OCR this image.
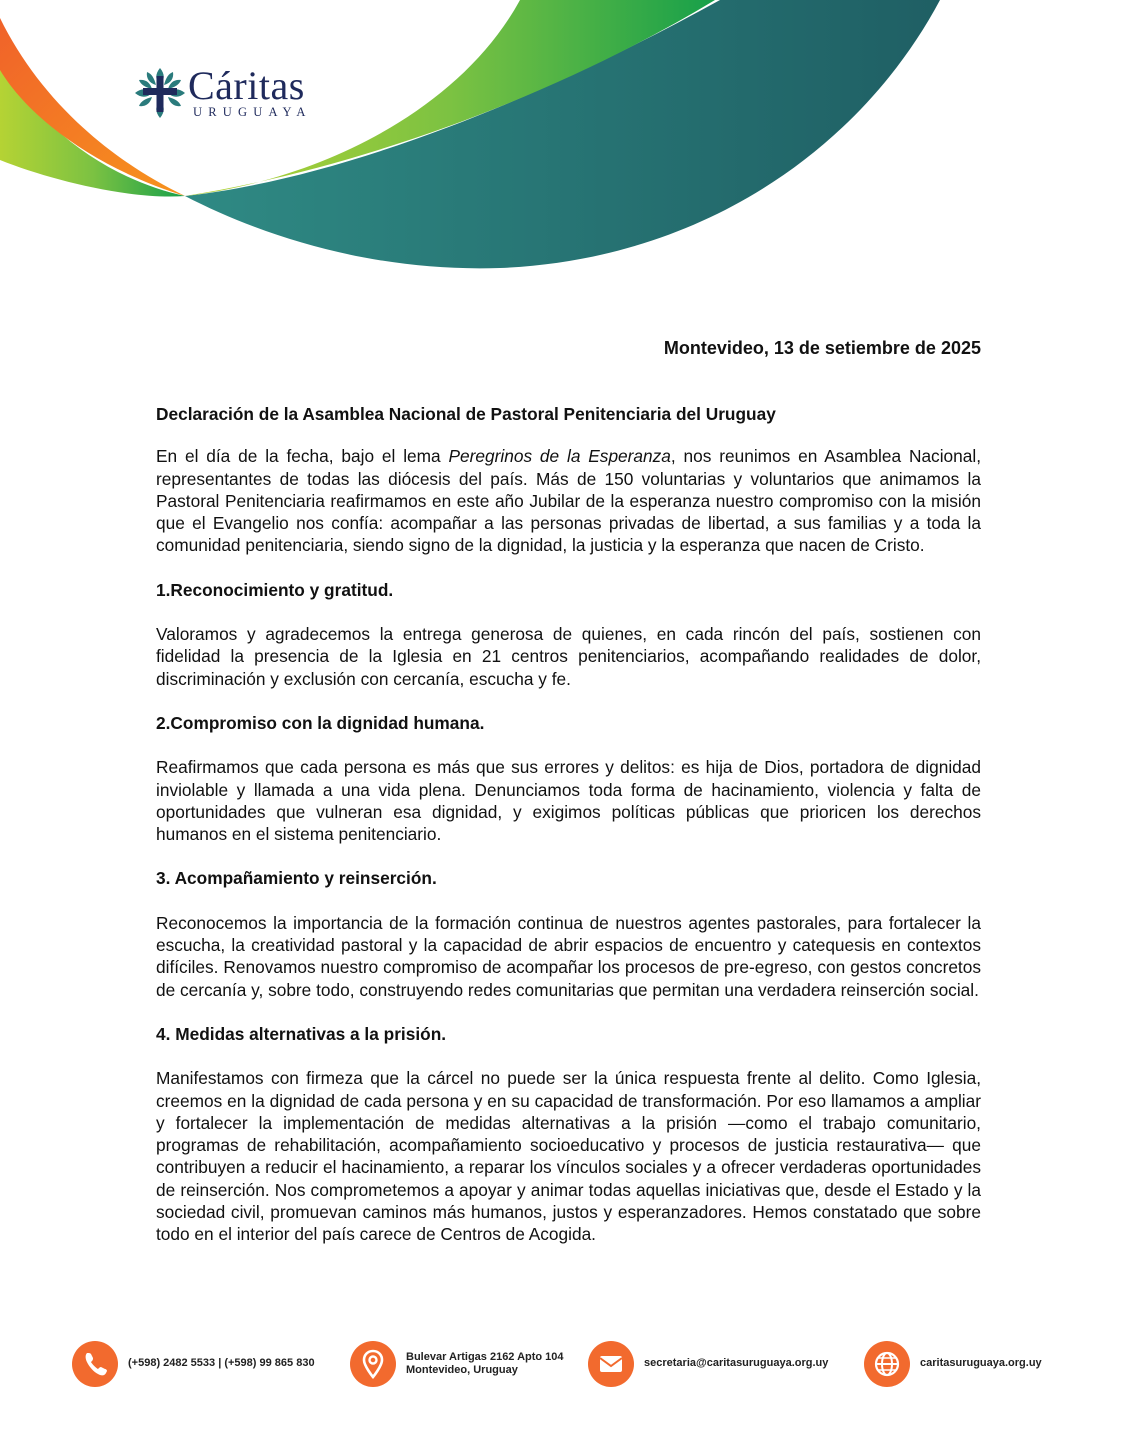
Cáritas
URUGUAYA
Montevideo, 13 de setiembre de 2025
Declaración de la Asamblea Nacional de Pastoral Penitenciaria del Uruguay
En el día de la fecha, bajo el lema Peregrinos de la Esperanza, nos reunimos en Asamblea Nacional, representantes de todas las diócesis del país. Más de 150 voluntarias y voluntarios que animamos la Pastoral Penitenciaria reafirmamos en este año Jubilar de la esperanza nuestro compromiso con la misión que el Evangelio nos confía: acompañar a las personas privadas de libertad, a sus familias y a toda la comunidad penitenciaria, siendo signo de la dignidad, la justicia y la esperanza que nacen de Cristo.
1.Reconocimiento y gratitud.
Valoramos y agradecemos la entrega generosa de quienes, en cada rincón del país, sostienen con fidelidad la presencia de la Iglesia en 21 centros penitenciarios, acompañando realidades de dolor, discriminación y exclusión con cercanía, escucha y fe.
2.Compromiso con la dignidad humana.
Reafirmamos que cada persona es más que sus errores y delitos: es hija de Dios, portadora de dignidad inviolable y llamada a una vida plena. Denunciamos toda forma de hacinamiento, violencia y falta de oportunidades que vulneran esa dignidad, y exigimos políticas públicas que prioricen los derechos humanos en el sistema penitenciario.
3. Acompañamiento y reinserción.
Reconocemos la importancia de la formación continua de nuestros agentes pastorales, para fortalecer la escucha, la creatividad pastoral y la capacidad de abrir espacios de encuentro y catequesis en contextos difíciles. Renovamos nuestro compromiso de acompañar los procesos de pre-egreso, con gestos concretos de cercanía y, sobre todo, construyendo redes comunitarias que permitan una verdadera reinserción social.
4. Medidas alternativas a la prisión.
Manifestamos con firmeza que la cárcel no puede ser la única respuesta frente al delito. Como Iglesia, creemos en la dignidad de cada persona y en su capacidad de transformación. Por eso llamamos a ampliar y fortalecer la implementación de medidas alternativas a la prisión —como el trabajo comunitario, programas de rehabilitación, acompañamiento socioeducativo y procesos de justicia restaurativa— que contribuyen a reducir el hacinamiento, a reparar los vínculos sociales y a ofrecer verdaderas oportunidades de reinserción. Nos comprometemos a apoyar y animar todas aquellas iniciativas que, desde el Estado y la sociedad civil, promuevan caminos más humanos, justos y esperanzadores. Hemos constatado que sobre todo en el interior del país carece de Centros de Acogida.
(+598) 2482 5533 | (+598) 99 865 830	Bulevar Artigas 2162 Apto 104
Montevideo, Uruguay
secretaria@caritasuruguaya.org.uy	caritasuruguaya.org.uy
